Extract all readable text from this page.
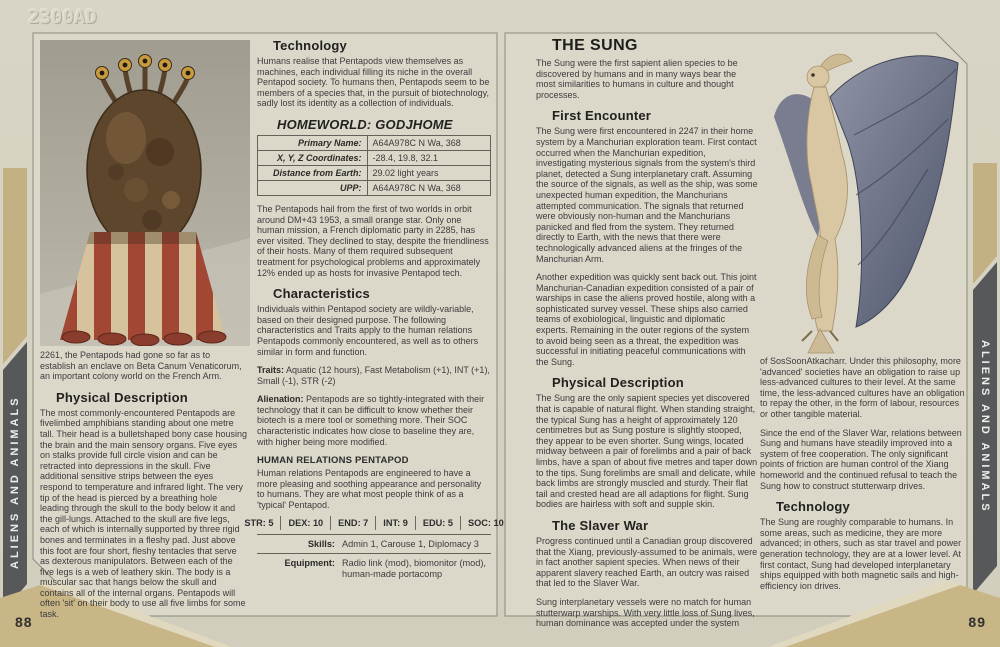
2300AD
ALIENS AND ANIMALS	ALIENS AND ANIMALS
88	89

2261, the Pentapods had gone so far as to establish an enclave on Beta Canum Venaticorum, an important colony world on the French Arm.

Physical Description

The most commonly-encountered Pentapods are fivelimbed amphibians standing about one metre tall. Their head is a bulletshaped bony case housing the brain and the main sensory organs. Five eyes on stalks provide full circle vision and can be retracted into depressions in the skull. Five additional sensitive strips between the eyes respond to temperature and infrared light. The very tip of the head is pierced by a breathing hole leading through the skull to the body below it and the gill-lungs. Attached to the skull are five legs, each of which is internally supported by three rigid bones and terminates in a fleshy pad. Just above this foot are four short, fleshy tentacles that serve as dexterous manipulators. Between each of the five legs is a web of leathery skin. The body is a muscular sac that hangs below the skull and contains all of the internal organs. Pentapods will often 'sit' on their body to use all five limbs for some task.

Technology

Humans realise that Pentapods view themselves as machines, each individual filling its niche in the overall Pentapod society. To humans then, Pentapods seem to be members of a species that, in the pursuit of biotechnology, sadly lost its identity as a collection of individuals.

HOMEWORLD: GODJHOME
Primary Name:	A64A978C N Wa, 368
X, Y, Z Coordinates:	-28.4, 19.8, 32.1
Distance from Earth:	29.02 light years
UPP:	A64A978C N Wa, 368

The Pentapods hail from the first of two worlds in orbit around DM+43 1953, a small orange star. Only one human mission, a French diplomatic party in 2285, has ever visited. They declined to stay, despite the friendliness of their hosts. Many of them required subsequent treatment for psychological problems and approximately 12% ended up as hosts for invasive Pentapod tech.

Characteristics

Individuals within Pentapod society are wildly-variable, based on their designed purpose. The following characteristics and Traits apply to the human relations Pentapods commonly encountered, as well as to others similar in form and function.

Traits: Aquatic (12 hours), Fast Metabolism (+1), INT (+1), Small (-1), STR (-2)

Alienation: Pentapods are so tightly-integrated with their technology that it can be difficult to know whether their biotech is a mere tool or something more. Their SOC characteristic indicates how close to baseline they are, with higher being more modified.

HUMAN RELATIONS PENTAPOD

Human relations Pentapods are engineered to have a more pleasing and soothing appearance and personality to humans. They are what most people think of as a 'typical' Pentapod.

STR: 5	DEX: 10	END: 7	INT: 9	EDU: 5	SOC: 10
Skills: Admin 1, Carouse 1, Diplomacy 3
Equipment: Radio link (mod), biomonitor (mod), human-made portacomp
THE SUNG

The Sung were the first sapient alien species to be discovered by humans and in many ways bear the most similarities to humans in culture and thought processes.

First Encounter

The Sung were first encountered in 2247 in their home system by a Manchurian exploration team. First contact occurred when the Manchurian expedition, investigating mysterious signals from the system's third planet, detected a Sung interplanetary craft. Assuming the source of the signals, as well as the ship, was some unexpected human expedition, the Manchurians attempted communication. The signals that returned were obviously non-human and the Manchurians panicked and fled from the system. They returned directly to Earth, with the news that there were technologically advanced aliens at the fringes of the Manchurian Arm.

Another expedition was quickly sent back out. This joint Manchurian-Canadian expedition consisted of a pair of warships in case the aliens proved hostile, along with a sophisticated survey vessel. These ships also carried teams of exobiological, linguistic and diplomatic experts. Remaining in the outer regions of the system to avoid being seen as a threat, the expedition was successful in initiating peaceful communications with the Sung.

Physical Description

The Sung are the only sapient species yet discovered that is capable of natural flight. When standing straight, the typical Sung has a height of approximately 120 centimetres but as Sung posture is slightly stooped, they appear to be even shorter. Sung wings, located midway between a pair of forelimbs and a pair of back limbs, have a span of about five metres and taper down to the tips. Sung forelimbs are small and delicate, while back limbs are strongly muscled and sturdy. Their flat tail and crested head are all adaptions for flight. Sung bodies are hairless with soft and supple skin.

The Slaver War

Progress continued until a Canadian group discovered that the Xiang, previously-assumed to be animals, were in fact another sapient species. When news of their apparent slavery reached Earth, an outcry was raised that led to the Slaver War.

Sung interplanetary vessels were no match for human stutterwarp warships. With very little loss of Sung lives, human dominance was accepted under the system

of SosSoonAtkacharr. Under this philosophy, more 'advanced' societies have an obligation to raise up less-advanced cultures to their level. At the same time, the less-advanced cultures have an obligation to repay the other, in the form of labour, resources or other tangible material.

Since the end of the Slaver War, relations between Sung and humans have steadily improved into a system of free cooperation. The only significant points of friction are human control of the Xiang homeworld and the continued refusal to teach the Sung how to construct stutterwarp drives.

Technology

The Sung are roughly comparable to humans. In some areas, such as medicine, they are more advanced; in others, such as star travel and power generation technology, they are at a lower level. At first contact, Sung had developed interplanetary ships equipped with both magnetic sails and high-efficiency ion drives.
